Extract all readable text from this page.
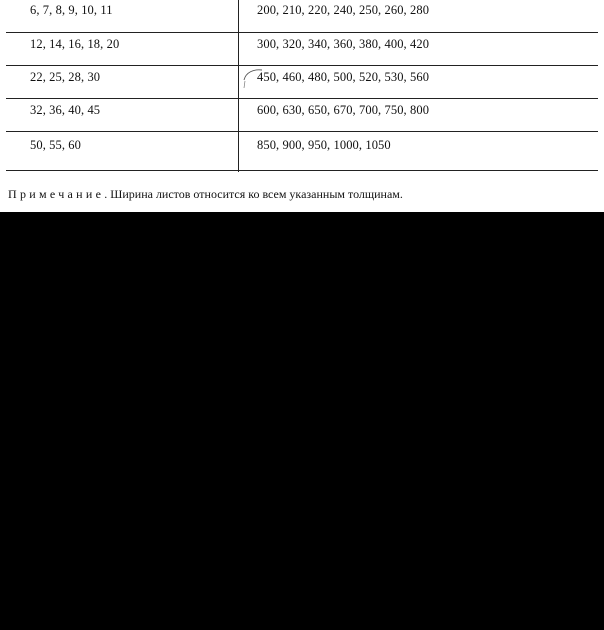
6, 7, 8, 9, 10, 11	200, 210, 220, 240, 250, 260, 280
12, 14, 16, 18, 20	300, 320, 340, 360, 380, 400, 420
22, 25, 28, 30	450, 460, 480, 500, 520, 530, 560
32, 36, 40, 45	600, 630, 650, 670, 700, 750, 800
50, 55, 60	850, 900, 950, 1000, 1050
Примечание. Ширина листов относится ко всем указанным толщинам.
